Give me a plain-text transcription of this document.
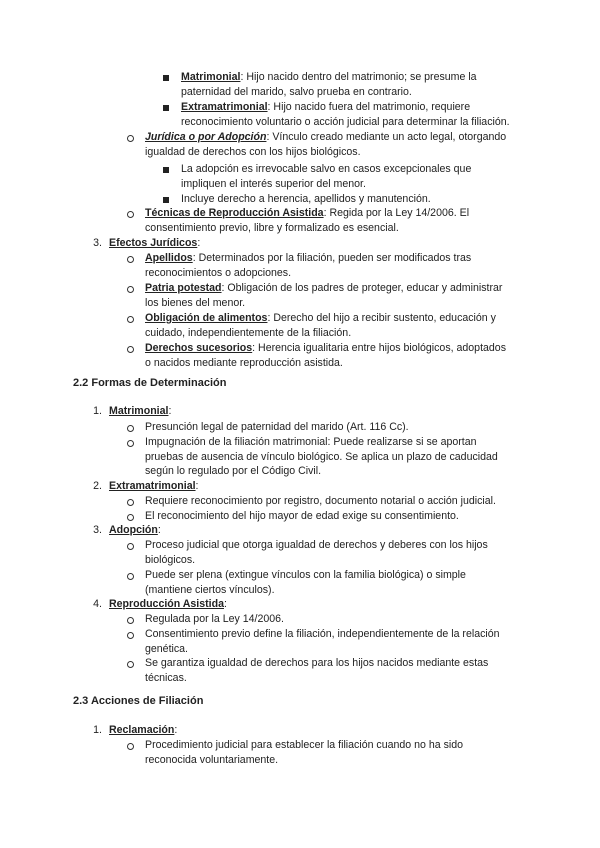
Matrimonial: Hijo nacido dentro del matrimonio; se presume la
paternidad del marido, salvo prueba en contrario.
Extramatrimonial: Hijo nacido fuera del matrimonio, requiere
reconocimiento voluntario o acción judicial para determinar la filiación.
Jurídica o por Adopción: Vínculo creado mediante un acto legal, otorgando
igualdad de derechos con los hijos biológicos.
La adopción es irrevocable salvo en casos excepcionales que
impliquen el interés superior del menor.
Incluye derecho a herencia, apellidos y manutención.
Técnicas de Reproducción Asistida: Regida por la Ley 14/2006. El
consentimiento previo, libre y formalizado es esencial.
3. Efectos Jurídicos:
Apellidos: Determinados por la filiación, pueden ser modificados tras
reconocimientos o adopciones.
Patria potestad: Obligación de los padres de proteger, educar y administrar
los bienes del menor.
Obligación de alimentos: Derecho del hijo a recibir sustento, educación y
cuidado, independientemente de la filiación.
Derechos sucesorios: Herencia igualitaria entre hijos biológicos, adoptados
o nacidos mediante reproducción asistida.
2.2 Formas de Determinación
1. Matrimonial:
Presunción legal de paternidad del marido (Art. 116 Cc).
Impugnación de la filiación matrimonial: Puede realizarse si se aportan
pruebas de ausencia de vínculo biológico. Se aplica un plazo de caducidad
según lo regulado por el Código Civil.
2. Extramatrimonial:
Requiere reconocimiento por registro, documento notarial o acción judicial.
El reconocimiento del hijo mayor de edad exige su consentimiento.
3. Adopción:
Proceso judicial que otorga igualdad de derechos y deberes con los hijos
biológicos.
Puede ser plena (extingue vínculos con la familia biológica) o simple
(mantiene ciertos vínculos).
4. Reproducción Asistida:
Regulada por la Ley 14/2006.
Consentimiento previo define la filiación, independientemente de la relación
genética.
Se garantiza igualdad de derechos para los hijos nacidos mediante estas
técnicas.
2.3 Acciones de Filiación
1. Reclamación:
Procedimiento judicial para establecer la filiación cuando no ha sido
reconocida voluntariamente.
